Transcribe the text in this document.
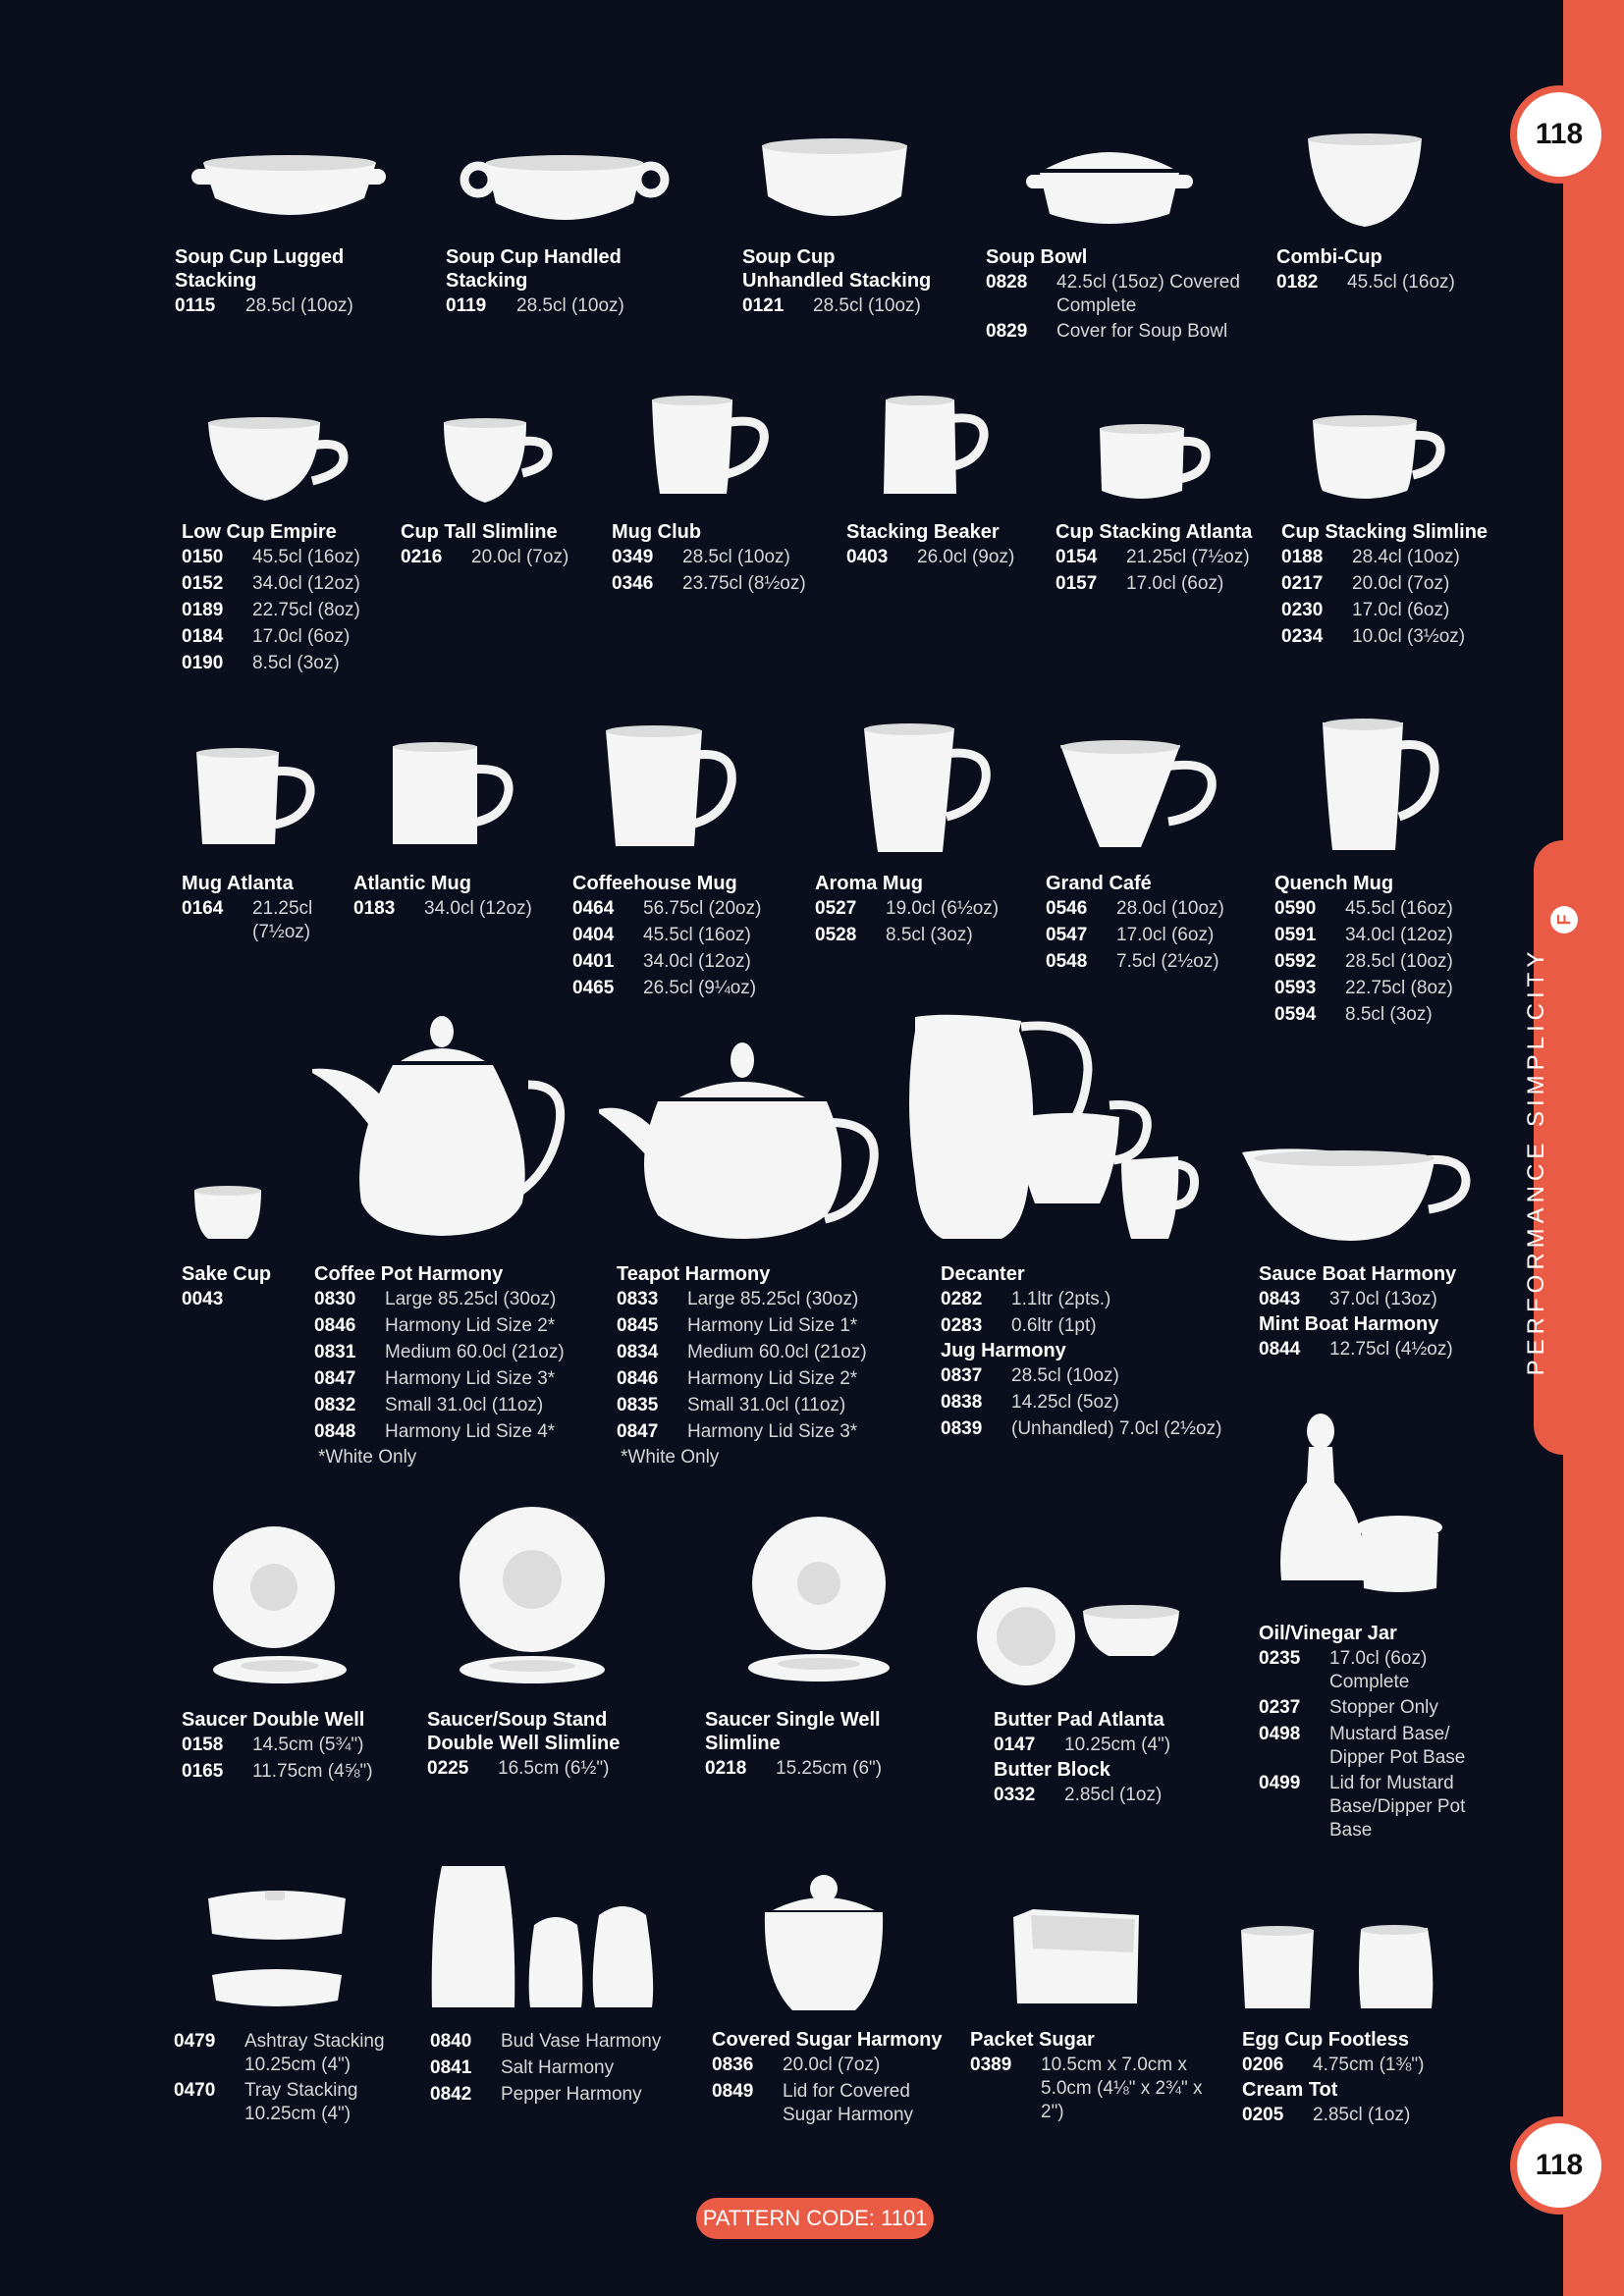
PERFORMANCE SIMPLICITY
F
118
118
PATTERN CODE: 1101
Soup Cup Lugged Stacking
0115	28.5cl (10oz)
Soup Cup Handled Stacking
0119	28.5cl (10oz)
Soup Cup Unhandled Stacking
0121	28.5cl (10oz)
Soup Bowl
0828	42.5cl (15oz) Covered Complete
0829	Cover for Soup Bowl
Combi-Cup
0182	45.5cl (16oz)
Low Cup Empire
0150	45.5cl (16oz)
0152	34.0cl (12oz)
0189	22.75cl (8oz)
0184	17.0cl (6oz)
0190	8.5cl (3oz)
Cup Tall Slimline
0216	20.0cl (7oz)
Mug Club
0349	28.5cl (10oz)
0346	23.75cl (8½oz)
Stacking Beaker
0403	26.0cl (9oz)
Cup Stacking Atlanta
0154	21.25cl (7½oz)
0157	17.0cl (6oz)
Cup Stacking Slimline
0188	28.4cl (10oz)
0217	20.0cl (7oz)
0230	17.0cl (6oz)
0234	10.0cl (3½oz)
Mug Atlanta
0164	21.25cl (7½oz)
Atlantic Mug
0183	34.0cl (12oz)
Coffeehouse Mug
0464	56.75cl (20oz)
0404	45.5cl (16oz)
0401	34.0cl (12oz)
0465	26.5cl (9¼oz)
Aroma Mug
0527	19.0cl (6½oz)
0528	8.5cl (3oz)
Grand Café
0546	28.0cl (10oz)
0547	17.0cl (6oz)
0548	7.5cl (2½oz)
Quench Mug
0590	45.5cl (16oz)
0591	34.0cl (12oz)
0592	28.5cl (10oz)
0593	22.75cl (8oz)
0594	8.5cl (3oz)
Sake Cup
0043
Coffee Pot Harmony
0830	Large 85.25cl (30oz)
0846	Harmony Lid Size 2*
0831	Medium 60.0cl (21oz)
0847	Harmony Lid Size 3*
0832	Small 31.0cl (11oz)
0848	Harmony Lid Size 4*
*White Only
Teapot Harmony
0833	Large 85.25cl (30oz)
0845	Harmony Lid Size 1*
0834	Medium 60.0cl (21oz)
0846	Harmony Lid Size 2*
0835	Small 31.0cl (11oz)
0847	Harmony Lid Size 3*
*White Only
Decanter
0282	1.1ltr (2pts.)
0283	0.6ltr (1pt)
Jug Harmony
0837	28.5cl (10oz)
0838	14.25cl (5oz)
0839	(Unhandled) 7.0cl (2½oz)
Sauce Boat Harmony
0843	37.0cl (13oz)
Mint Boat Harmony
0844	12.75cl (4½oz)
Saucer Double Well
0158	14.5cm (5¾")
0165	11.75cm (4⅝")
Saucer/Soup Stand Double Well Slimline
0225	16.5cm (6½")
Saucer Single Well Slimline
0218	15.25cm (6")
Butter Pad Atlanta
0147	10.25cm (4")
Butter Block
0332	2.85cl (1oz)
Oil/Vinegar Jar
0235	17.0cl (6oz) Complete
0237	Stopper Only
0498	Mustard Base/ Dipper Pot Base
0499	Lid for Mustard Base/Dipper Pot Base
0479	Ashtray Stacking 10.25cm (4")
0470	Tray Stacking 10.25cm (4")
0840	Bud Vase Harmony
0841	Salt Harmony
0842	Pepper Harmony
Covered Sugar Harmony
0836	20.0cl (7oz)
0849	Lid for Covered Sugar Harmony
Packet Sugar
0389	10.5cm x 7.0cm x 5.0cm (4⅛" x 2¾" x 2")
Egg Cup Footless
0206	4.75cm (1⅜")
Cream Tot
0205	2.85cl (1oz)
